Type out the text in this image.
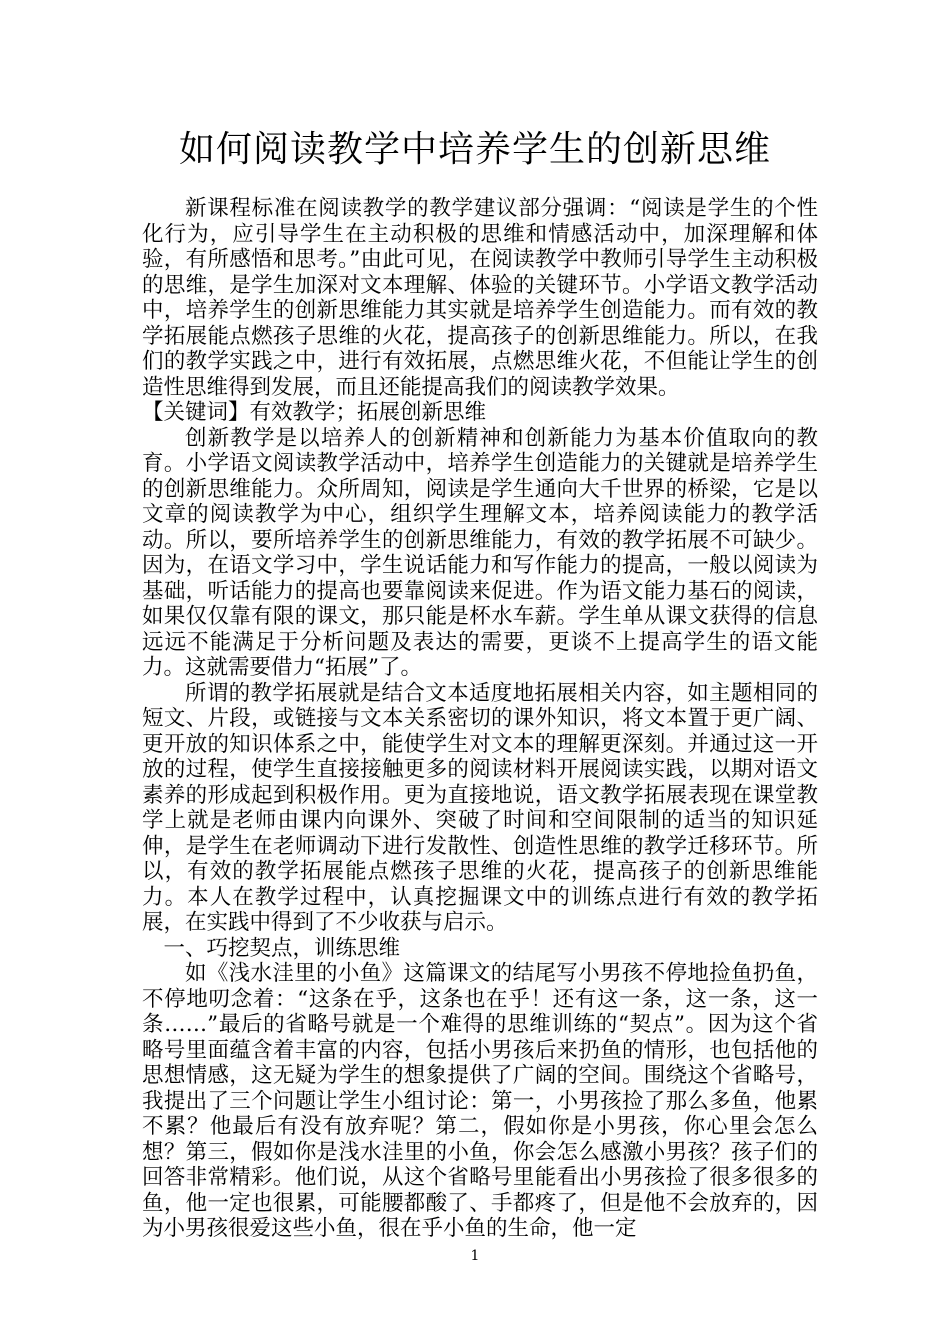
如何阅读教学中培养学生的创新思维

新课程标准在阅读教学的教学建议部分强调：“阅读是学生的个性化行为，应引导学生在主动积极的思维和情感活动中，加深理解和体验，有所感悟和思考。”由此可见，在阅读教学中教师引导学生主动积极的思维，是学生加深对文本理解、体验的关键环节。小学语文教学活动中，培养学生的创新思维能力其实就是培养学生创造能力。而有效的教学拓展能点燃孩子思维的火花，提高孩子的创新思维能力。所以，在我们的教学实践之中，进行有效拓展，点燃思维火花，不但能让学生的创造性思维得到发展，而且还能提高我们的阅读教学效果。

【关键词】有效教学；拓展创新思维

创新教学是以培养人的创新精神和创新能力为基本价值取向的教育。小学语文阅读教学活动中，培养学生创造能力的关键就是培养学生的创新思维能力。众所周知，阅读是学生通向大千世界的桥梁，它是以文章的阅读教学为中心，组织学生理解文本，培养阅读能力的教学活动。所以，要所培养学生的创新思维能力，有效的教学拓展不可缺少。因为，在语文学习中，学生说话能力和写作能力的提高，一般以阅读为基础，听话能力的提高也要靠阅读来促进。作为语文能力基石的阅读，如果仅仅靠有限的课文，那只能是杯水车薪。学生单从课文获得的信息远远不能满足于分析问题及表达的需要，更谈不上提高学生的语文能力。这就需要借力“拓展”了。

所谓的教学拓展就是结合文本适度地拓展相关内容，如主题相同的短文、片段，或链接与文本关系密切的课外知识，将文本置于更广阔、更开放的知识体系之中，能使学生对文本的理解更深刻。并通过这一开放的过程，使学生直接接触更多的阅读材料开展阅读实践，以期对语文素养的形成起到积极作用。更为直接地说，语文教学拓展表现在课堂教学上就是老师由课内向课外、突破了时间和空间限制的适当的知识延伸，是学生在老师调动下进行发散性、创造性思维的教学迁移环节。所以，有效的教学拓展能点燃孩子思维的火花，提高孩子的创新思维能力。本人在教学过程中，认真挖掘课文中的训练点进行有效的教学拓展，在实践中得到了不少收获与启示。

一、巧挖契点，训练思维

如《浅水洼里的小鱼》这篇课文的结尾写小男孩不停地捡鱼扔鱼，不停地叨念着：“这条在乎，这条也在乎！还有这一条，这一条，这一条……”最后的省略号就是一个难得的思维训练的“契点”。因为这个省略号里面蕴含着丰富的内容，包括小男孩后来扔鱼的情形，也包括他的思想情感，这无疑为学生的想象提供了广阔的空间。围绕这个省略号，我提出了三个问题让学生小组讨论：第一，小男孩捡了那么多鱼，他累不累？他最后有没有放弃呢？第二，假如你是小男孩，你心里会怎么想？第三，假如你是浅水洼里的小鱼，你会怎么感激小男孩？孩子们的回答非常精彩。他们说，从这个省略号里能看出小男孩捡了很多很多的鱼，他一定也很累，可能腰都酸了、手都疼了，但是他不会放弃的，因为小男孩很爱这些小鱼，很在乎小鱼的生命，他一定

1
